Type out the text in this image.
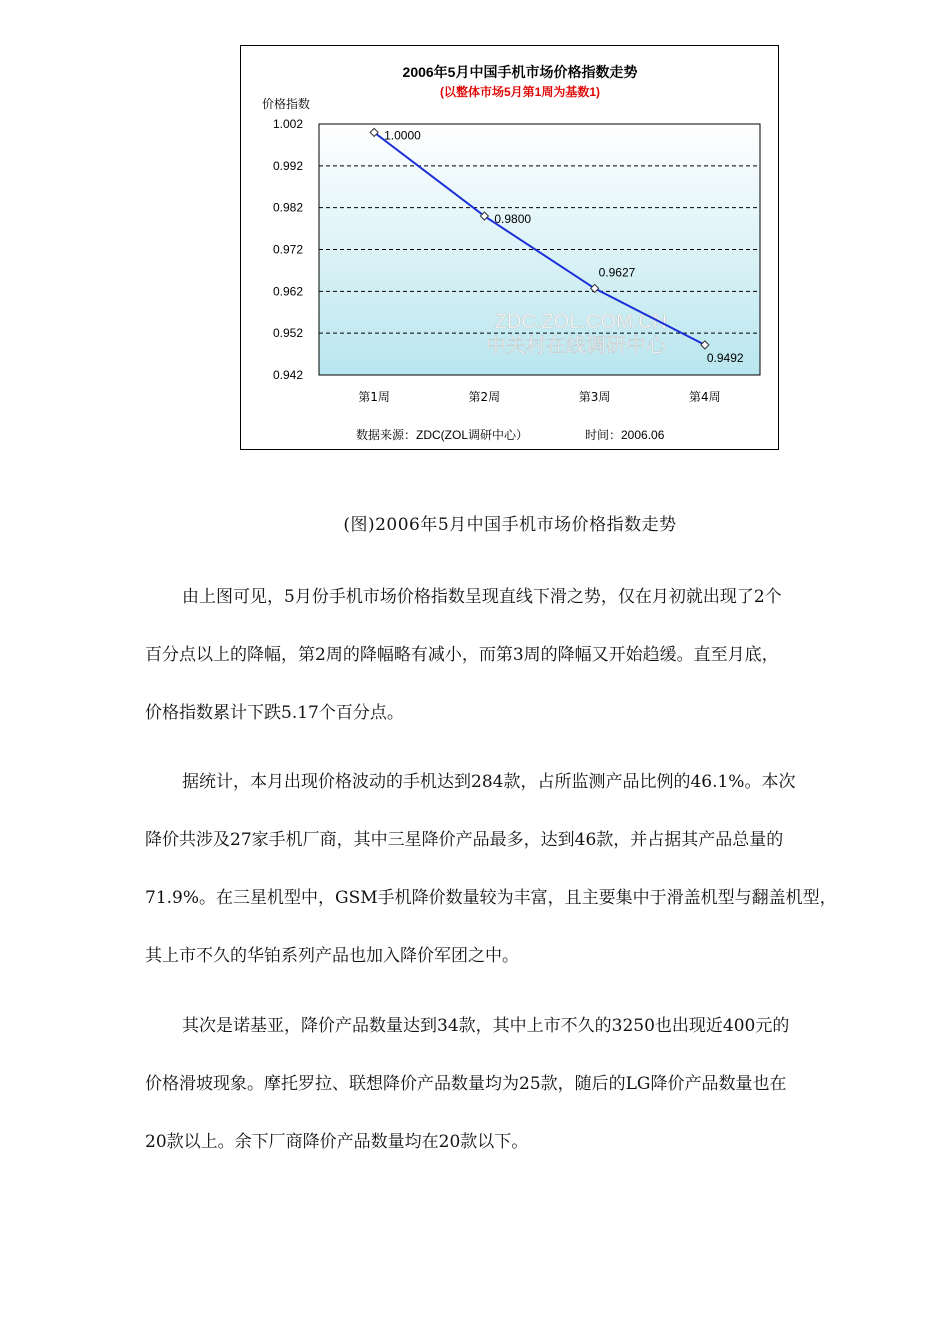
2006年5月中国手机市场价格指数走势
(以整体市场5月第1周为基数1)
价格指数
1.002
0.992
0.982
0.972
0.962
0.952
0.942
第1周	第2周	第3周	第4周
ZDC.ZOL.COM.CN
中关村在线调研中心
1.0000
0.9800
0.9627
0.9492
数据来源：ZDC(ZOL调研中心）	时间：2006.06
(图)2006年5月中国手机市场价格指数走势
由上图可见，5月份手机市场价格指数呈现直线下滑之势，仅在月初就出现了2个
百分点以上的降幅，第2周的降幅略有减小，而第3周的降幅又开始趋缓。直至月底，
价格指数累计下跌5.17个百分点。
据统计，本月出现价格波动的手机达到284款，占所监测产品比例的46.1%。本次
降价共涉及27家手机厂商，其中三星降价产品最多，达到46款，并占据其产品总量的
71.9%。在三星机型中，GSM手机降价数量较为丰富，且主要集中于滑盖机型与翻盖机型，
其上市不久的华铂系列产品也加入降价军团之中。
其次是诺基亚，降价产品数量达到34款，其中上市不久的3250也出现近400元的
价格滑坡现象。摩托罗拉、联想降价产品数量均为25款，随后的LG降价产品数量也在
20款以上。余下厂商降价产品数量均在20款以下。
